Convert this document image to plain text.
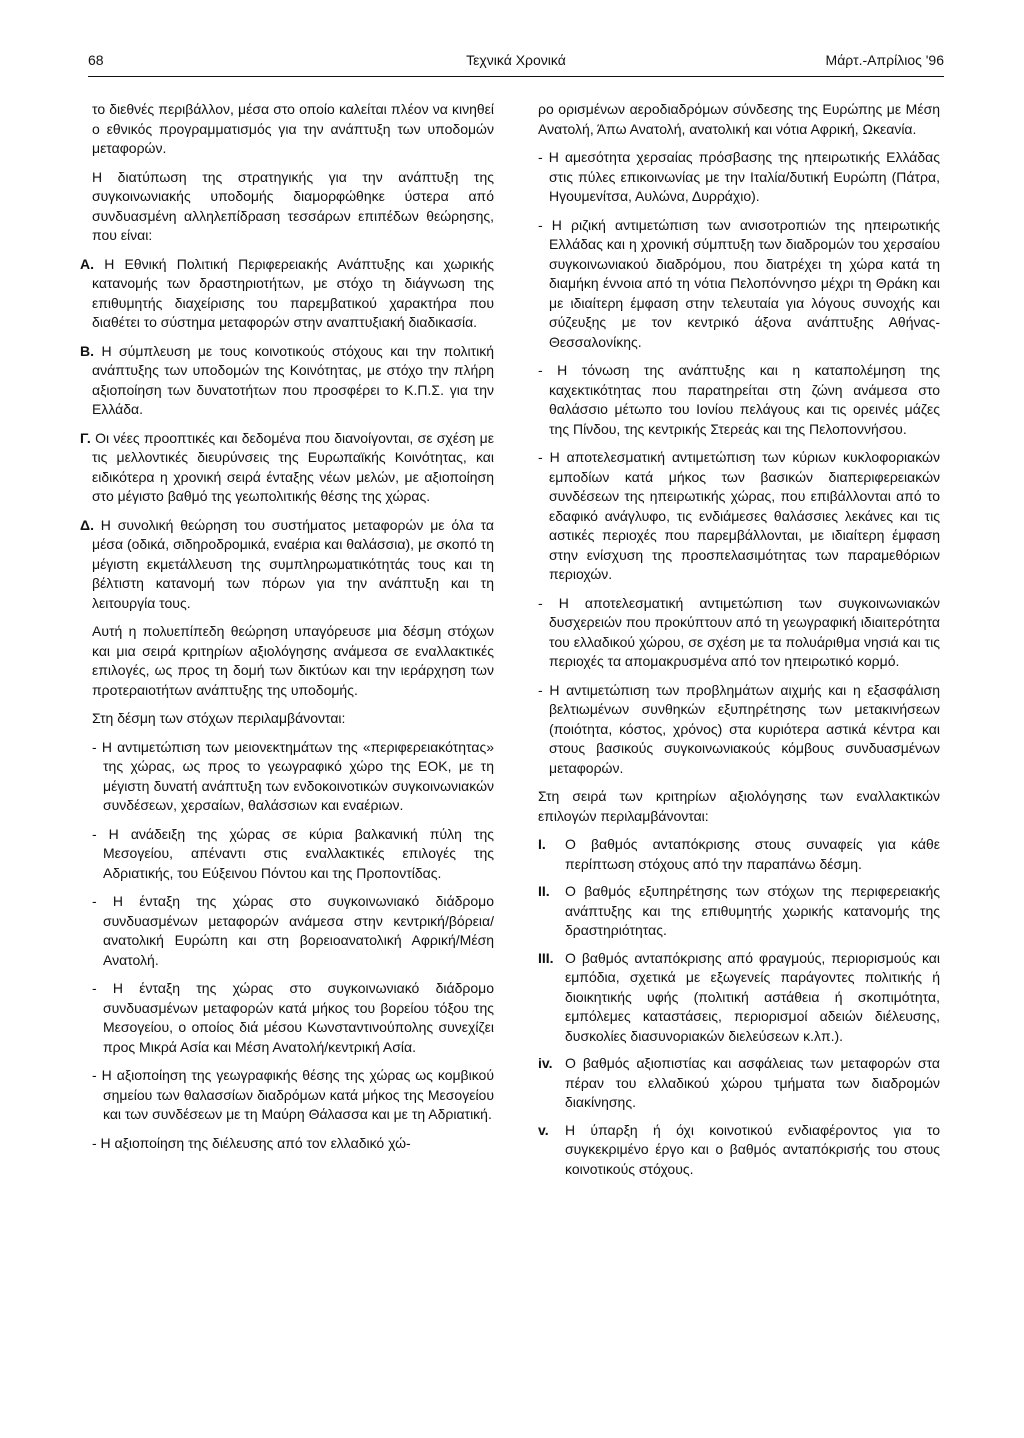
68	Τεχνικά Χρονικά	Μάρτ.-Απρίλιος '96

το διεθνές περιβάλλον, μέσα στο οποίο καλείται πλέον να κινηθεί ο εθνικός προγραμματισμός για την ανάπτυξη των υποδομών μεταφορών.

Η διατύπωση της στρατηγικής για την ανάπτυξη της συγκοινωνιακής υποδομής διαμορφώθηκε ύστερα από συνδυασμένη αλληλεπίδραση τεσσάρων επιπέδων θεώρησης, που είναι:

Α. Η Εθνική Πολιτική Περιφερειακής Ανάπτυξης και χωρικής κατανομής των δραστηριοτήτων, με στόχο τη διάγνωση της επιθυμητής διαχείρισης του παρεμβατικού χαρακτήρα που διαθέτει το σύστημα μεταφορών στην αναπτυξιακή διαδικασία.

Β. Η σύμπλευση με τους κοινοτικούς στόχους και την πολιτική ανάπτυξης των υποδομών της Κοινότητας, με στόχο την πλήρη αξιοποίηση των δυνατοτήτων που προσφέρει το Κ.Π.Σ. για την Ελλάδα.

Γ. Οι νέες προοπτικές και δεδομένα που διανοίγονται, σε σχέση με τις μελλοντικές διευρύνσεις της Ευρωπαϊκής Κοινότητας, και ειδικότερα η χρονική σειρά ένταξης νέων μελών, με αξιοποίηση στο μέγιστο βαθμό της γεωπολιτικής θέσης της χώρας.

Δ. Η συνολική θεώρηση του συστήματος μεταφορών με όλα τα μέσα (οδικά, σιδηροδρομικά, εναέρια και θαλάσσια), με σκοπό τη μέγιστη εκμετάλλευση της συμπληρωματικότητάς τους και τη βέλτιστη κατανομή των πόρων για την ανάπτυξη και τη λειτουργία τους.

Αυτή η πολυεπίπεδη θεώρηση υπαγόρευσε μια δέσμη στόχων και μια σειρά κριτηρίων αξιολόγησης ανάμεσα σε εναλλακτικές επιλογές, ως προς τη δομή των δικτύων και την ιεράρχηση των προτεραιοτήτων ανάπτυξης της υποδομής.

Στη δέσμη των στόχων περιλαμβάνονται:

- Η αντιμετώπιση των μειονεκτημάτων της «περιφερειακότητας» της χώρας, ως προς το γεωγραφικό χώρο της ΕΟΚ, με τη μέγιστη δυνατή ανάπτυξη των ενδοκοινοτικών συγκοινωνιακών συνδέσεων, χερσαίων, θαλάσσιων και εναέριων.

- Η ανάδειξη της χώρας σε κύρια βαλκανική πύλη της Μεσογείου, απέναντι στις εναλλακτικές επιλογές της Αδριατικής, του Εύξεινου Πόντου και της Προποντίδας.

- Η ένταξη της χώρας στο συγκοινωνιακό διάδρομο συνδυασμένων μεταφορών ανάμεσα στην κεντρική/βόρεια/ανατολική Ευρώπη και στη βορειοανατολική Αφρική/Μέση Ανατολή.

- Η ένταξη της χώρας στο συγκοινωνιακό διάδρομο συνδυασμένων μεταφορών κατά μήκος του βορείου τόξου της Μεσογείου, ο οποίος διά μέσου Κωνσταντινούπολης συνεχίζει προς Μικρά Ασία και Μέση Ανατολή/κεντρική Ασία.

- Η αξιοποίηση της γεωγραφικής θέσης της χώρας ως κομβικού σημείου των θαλασσίων διαδρόμων κατά μήκος της Μεσογείου και των συνδέσεων με τη Μαύρη Θάλασσα και με τη Αδριατική.

- Η αξιοποίηση της διέλευσης από τον ελλαδικό χώ-

ρο ορισμένων αεροδιαδρόμων σύνδεσης της Ευρώπης με Μέση Ανατολή, Άπω Ανατολή, ανατολική και νότια Αφρική, Ωκεανία.

- Η αμεσότητα χερσαίας πρόσβασης της ηπειρωτικής Ελλάδας στις πύλες επικοινωνίας με την Ιταλία/δυτική Ευρώπη (Πάτρα, Ηγουμενίτσα, Αυλώνα, Δυρράχιο).

- Η ριζική αντιμετώπιση των ανισοτροπιών της ηπειρωτικής Ελλάδας και η χρονική σύμπτυξη των διαδρομών του χερσαίου συγκοινωνιακού διαδρόμου, που διατρέχει τη χώρα κατά τη διαμήκη έννοια από τη νότια Πελοπόννησο μέχρι τη Θράκη και με ιδιαίτερη έμφαση στην τελευταία για λόγους συνοχής και σύζευξης με τον κεντρικό άξονα ανάπτυξης Αθήνας-Θεσσαλονίκης.

- Η τόνωση της ανάπτυξης και η καταπολέμηση της καχεκτικότητας που παρατηρείται στη ζώνη ανάμεσα στο θαλάσσιο μέτωπο του Ιονίου πελάγους και τις ορεινές μάζες της Πίνδου, της κεντρικής Στερεάς και της Πελοποννήσου.

- Η αποτελεσματική αντιμετώπιση των κύριων κυκλοφοριακών εμποδίων κατά μήκος των βασικών διαπεριφερειακών συνδέσεων της ηπειρωτικής χώρας, που επιβάλλονται από το εδαφικό ανάγλυφο, τις ενδιάμεσες θαλάσσιες λεκάνες και τις αστικές περιοχές που παρεμβάλλονται, με ιδιαίτερη έμφαση στην ενίσχυση της προσπελασιμότητας των παραμεθόριων περιοχών.

- Η αποτελεσματική αντιμετώπιση των συγκοινωνιακών δυσχερειών που προκύπτουν από τη γεωγραφική ιδιαιτερότητα του ελλαδικού χώρου, σε σχέση με τα πολυάριθμα νησιά και τις περιοχές τα απομακρυσμένα από τον ηπειρωτικό κορμό.

- Η αντιμετώπιση των προβλημάτων αιχμής και η εξασφάλιση βελτιωμένων συνθηκών εξυπηρέτησης των μετακινήσεων (ποιότητα, κόστος, χρόνος) στα κυριότερα αστικά κέντρα και στους βασικούς συγκοινωνιακούς κόμβους συνδυασμένων μεταφορών.

Στη σειρά των κριτηρίων αξιολόγησης των εναλλακτικών επιλογών περιλαμβάνονται:

I.	Ο βαθμός ανταπόκρισης στους συναφείς για κάθε περίπτωση στόχους από την παραπάνω δέσμη.
II.	Ο βαθμός εξυπηρέτησης των στόχων της περιφερειακής ανάπτυξης και της επιθυμητής χωρικής κατανομής της δραστηριότητας.
III. Ο βαθμός ανταπόκρισης από φραγμούς, περιορισμούς και εμπόδια, σχετικά με εξωγενείς παράγοντες πολιτικής ή διοικητικής υφής (πολιτική αστάθεια ή σκοπιμότητα, εμπόλεμες καταστάσεις, περιορισμοί αδειών διέλευσης, δυσκολίες διασυνοριακών διελεύσεων κ.λπ.).
iv. Ο βαθμός αξιοπιστίας και ασφάλειας των μεταφορών στα πέραν του ελλαδικού χώρου τμήματα των διαδρομών διακίνησης.
v.	Η ύπαρξη ή όχι κοινοτικού ενδιαφέροντος για το συγκεκριμένο έργο και ο βαθμός ανταπόκρισής του στους κοινοτικούς στόχους.
